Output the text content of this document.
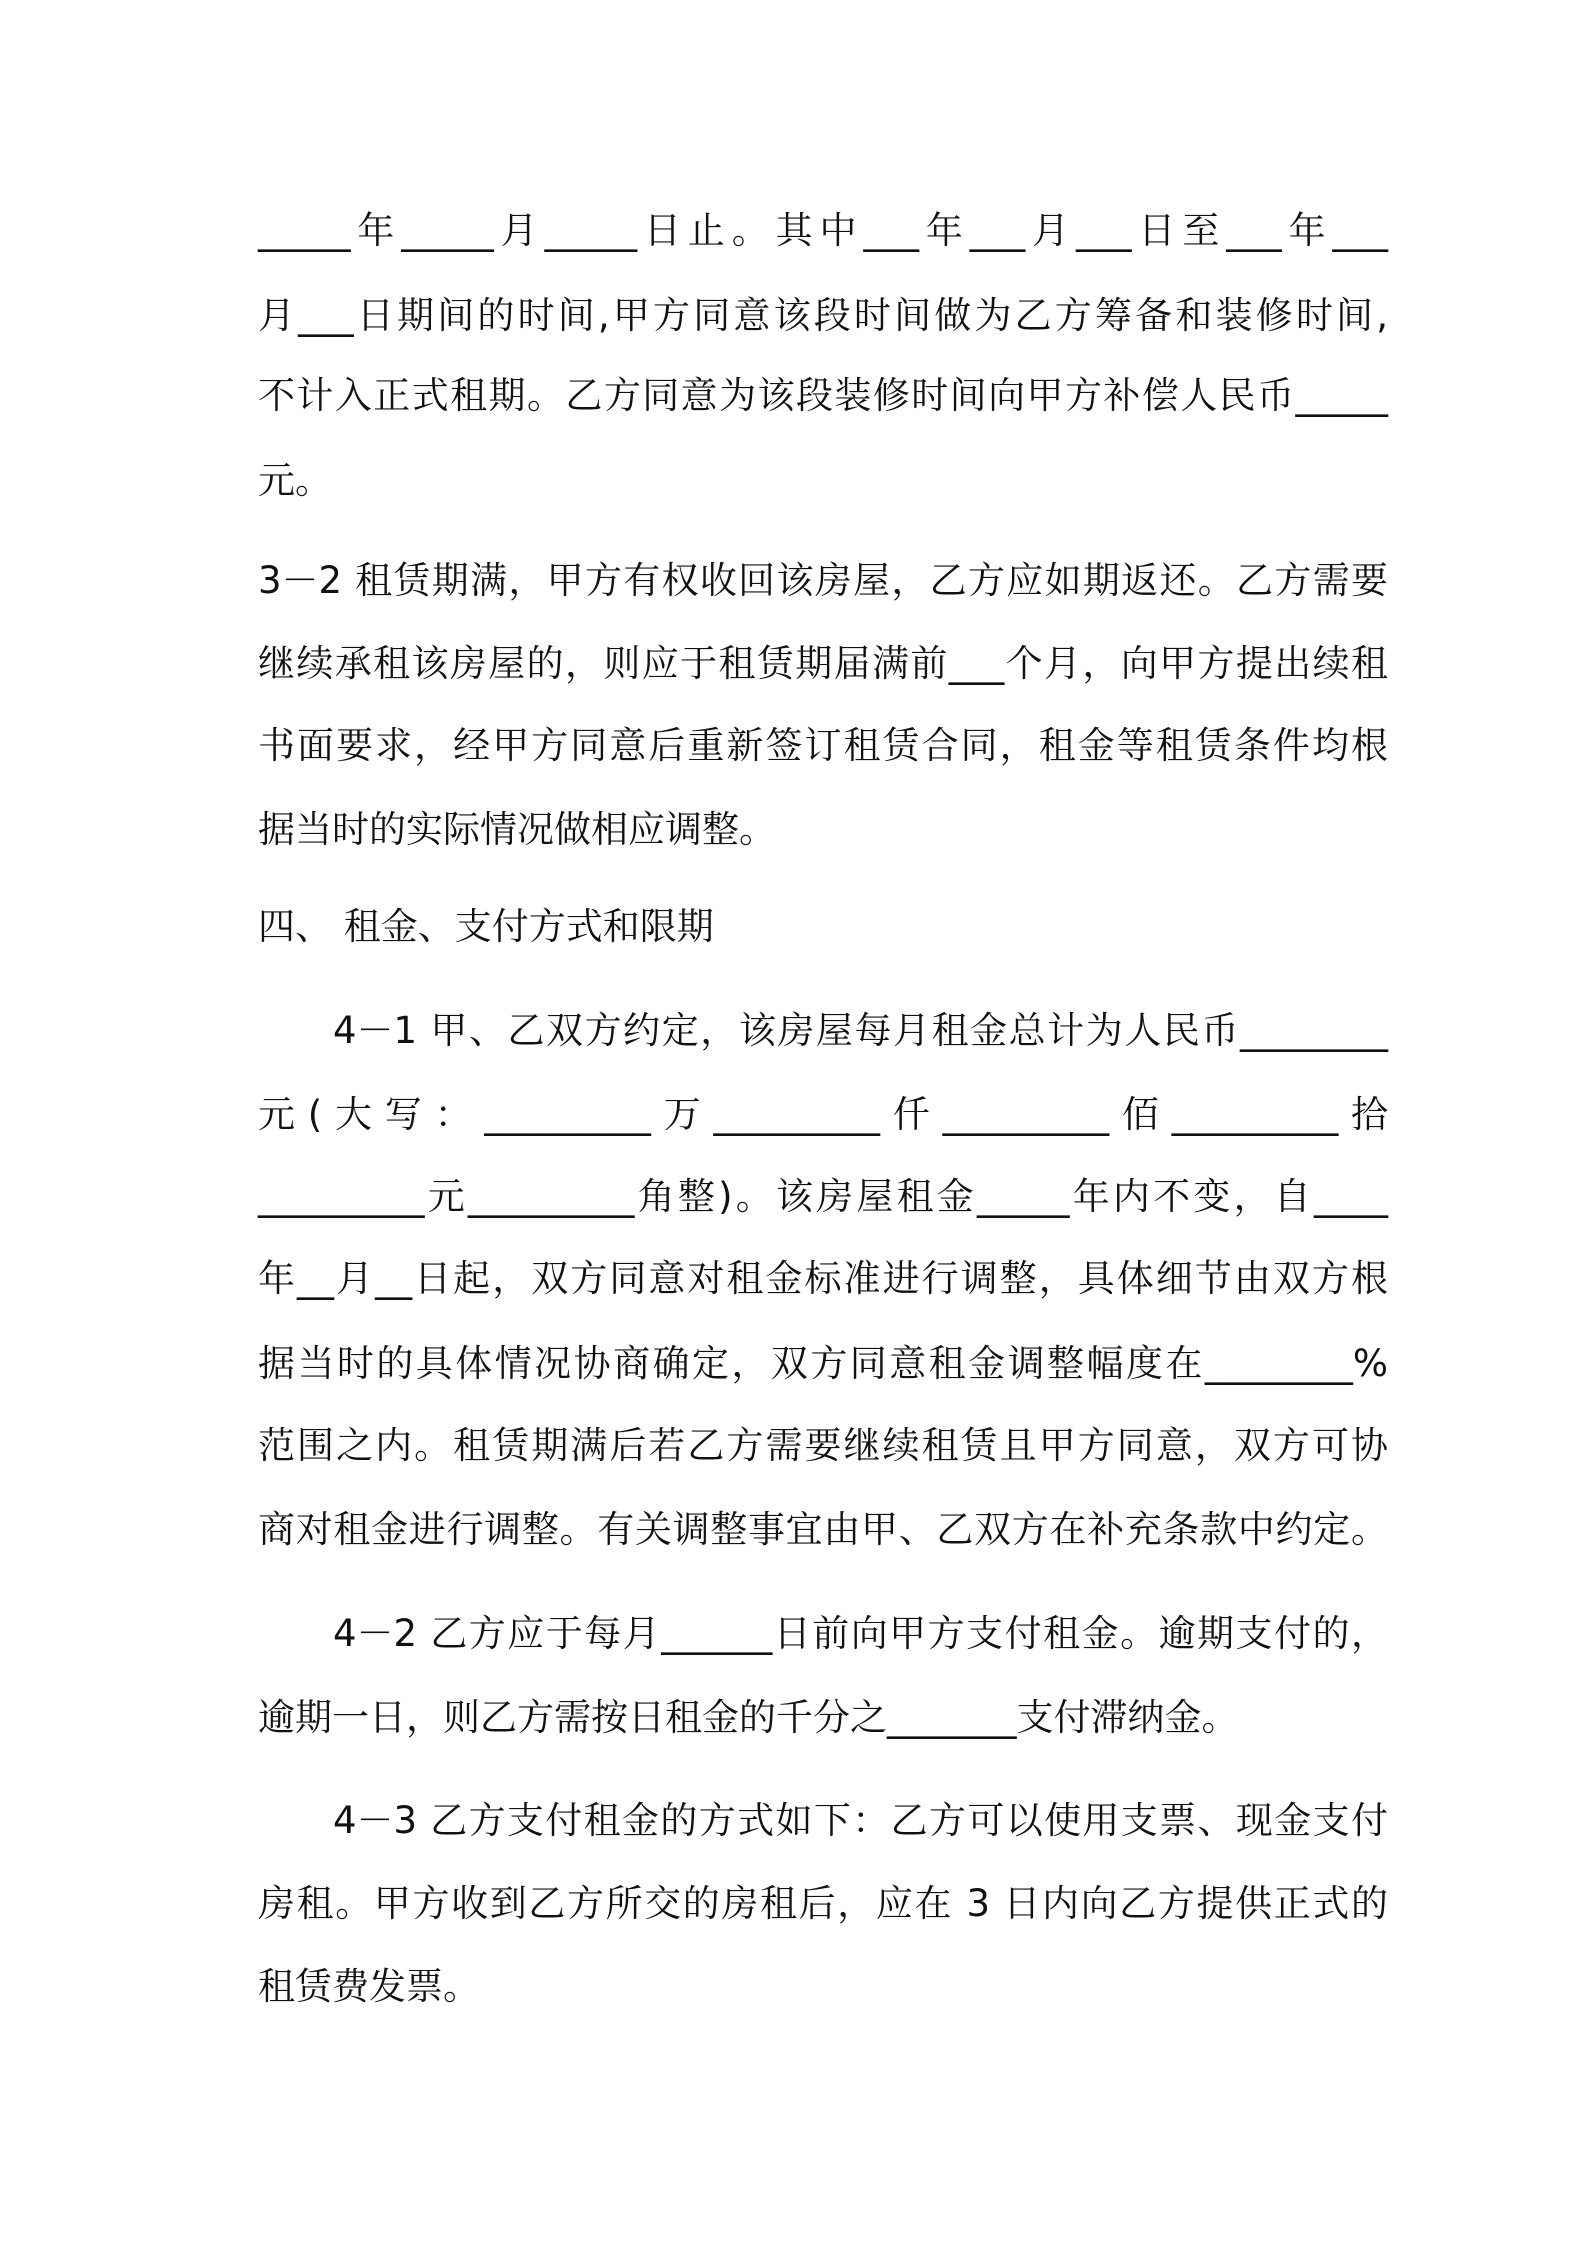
_____年_____月_____日止。其中___年___月___日至___年___
月___日期间的时间,甲方同意该段时间做为乙方筹备和装修时间,
不计入正式租期。乙方同意为该段装修时间向甲方补偿人民币_____
元。
3－2 租赁期满，甲方有权收回该房屋，乙方应如期返还。乙方需要
继续承租该房屋的，则应于租赁期届满前___个月，向甲方提出续租
书面要求，经甲方同意后重新签订租赁合同，租金等租赁条件均根
据当时的实际情况做相应调整。
四、 租金、支付方式和限期
4－1 甲、乙双方约定，该房屋每月租金总计为人民币________
元(大写：_________万_________仟_________佰_________拾
_________元_________角整)。该房屋租金_____年内不变，自____
年__月__日起，双方同意对租金标准进行调整，具体细节由双方根
据当时的具体情况协商确定，双方同意租金调整幅度在________%
范围之内。租赁期满后若乙方需要继续租赁且甲方同意，双方可协
商对租金进行调整。有关调整事宜由甲、乙双方在补充条款中约定。
4－2 乙方应于每月______日前向甲方支付租金。逾期支付的，
逾期一日，则乙方需按日租金的千分之_______支付滞纳金。
4－3 乙方支付租金的方式如下：乙方可以使用支票、现金支付
房租。甲方收到乙方所交的房租后，应在 3 日内向乙方提供正式的
租赁费发票。
